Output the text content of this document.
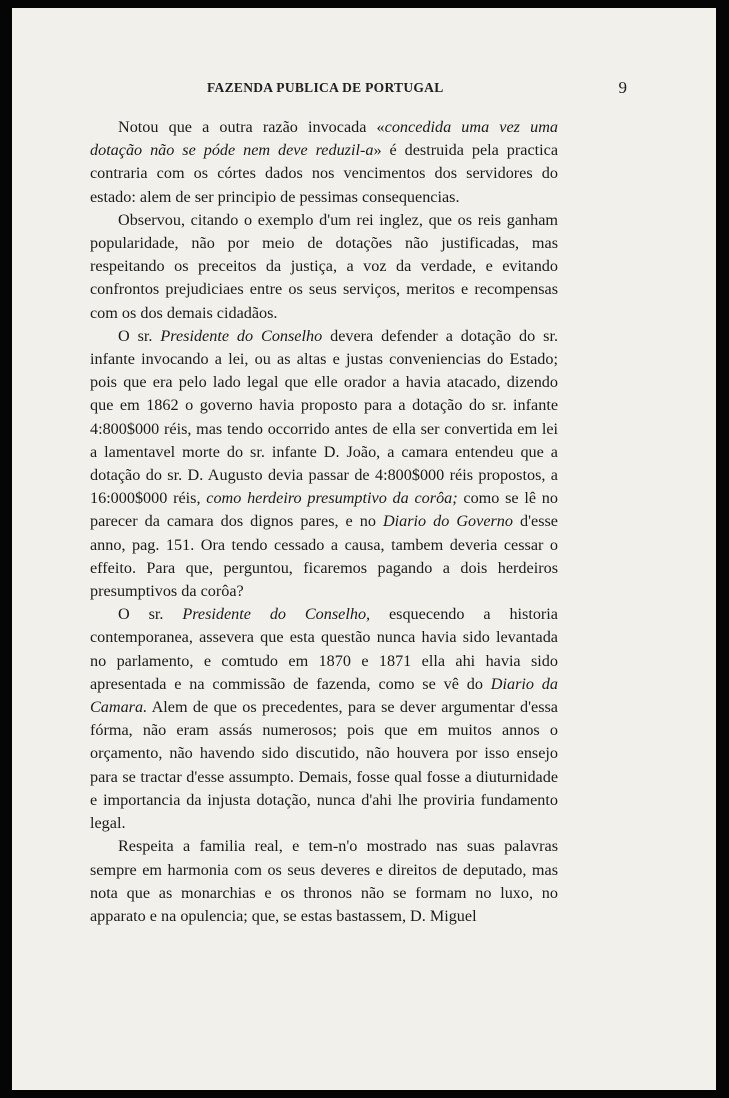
FAZENDA PUBLICA DE PORTUGAL	9

Notou que a outra razão invocada «concedida uma vez uma dotação não se póde nem deve reduzil-a» é destruida pela practica contraria com os córtes dados nos vencimentos dos servidores do estado: alem de ser principio de pessimas consequencias.

Observou, citando o exemplo d'um rei inglez, que os reis ganham popularidade, não por meio de dotações não justificadas, mas respeitando os preceitos da justiça, a voz da verdade, e evitando confrontos prejudiciaes entre os seus serviços, meritos e recompensas com os dos demais cidadãos.

O sr. Presidente do Conselho devera defender a dotação do sr. infante invocando a lei, ou as altas e justas conveniencias do Estado; pois que era pelo lado legal que elle orador a havia atacado, dizendo que em 1862 o governo havia proposto para a dotação do sr. infante 4:800$000 réis, mas tendo occorrido antes de ella ser convertida em lei a lamentavel morte do sr. infante D. João, a camara entendeu que a dotação do sr. D. Augusto devia passar de 4:800$000 réis propostos, a 16:000$000 réis, como herdeiro presumptivo da corôa; como se lê no parecer da camara dos dignos pares, e no Diario do Governo d'esse anno, pag. 151. Ora tendo cessado a causa, tambem deveria cessar o effeito. Para que, perguntou, ficaremos pagando a dois herdeiros presumptivos da corôa?

O sr. Presidente do Conselho, esquecendo a historia contemporanea, assevera que esta questão nunca havia sido levantada no parlamento, e comtudo em 1870 e 1871 ella ahi havia sido apresentada e na commissão de fazenda, como se vê do Diario da Camara. Alem de que os precedentes, para se dever argumentar d'essa fórma, não eram assás numerosos; pois que em muitos annos o orçamento, não havendo sido discutido, não houvera por isso ensejo para se tractar d'esse assumpto. Demais, fosse qual fosse a diuturnidade e importancia da injusta dotação, nunca d'ahi lhe proviria fundamento legal.

Respeita a familia real, e tem-n'o mostrado nas suas palavras sempre em harmonia com os seus deveres e direitos de deputado, mas nota que as monarchias e os thronos não se formam no luxo, no apparato e na opulencia; que, se estas bastassem, D. Miguel
